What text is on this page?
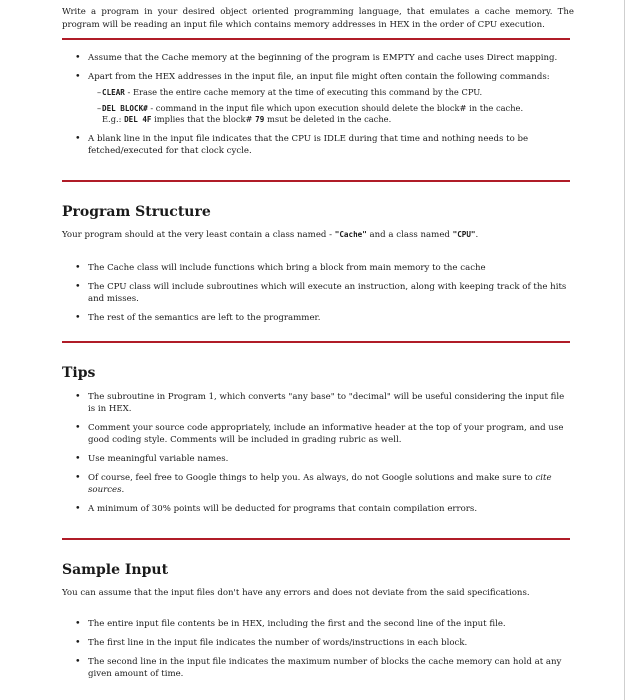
Write a program in your desired object oriented programming language, that emulates a cache memory. The program will be reading an input file which contains memory addresses in HEX in the order of CPU execution.

• Assume that the Cache memory at the beginning of the program is EMPTY and cache uses Direct mapping.
• Apart from the HEX addresses in the input file, an input file might often contain the following commands:
– CLEAR - Erase the entire cache memory at the time of executing this command by the CPU.
– DEL BLOCK# - command in the input file which upon execution should delete the block# in the cache.
E.g.: DEL 4F implies that the block# 79 msut be deleted in the cache.
• A blank line in the input file indicates that the CPU is IDLE during that time and nothing needs to be fetched/executed for that clock cycle.
Program Structure

Your program should at the very least contain a class named - "Cache" and a class named "CPU".

• The Cache class will include functions which bring a block from main memory to the cache
• The CPU class will include subroutines which will execute an instruction, along with keeping track of the hits and misses.
• The rest of the semantics are left to the programmer.
Tips
• The subroutine in Program 1, which converts "any base" to "decimal" will be useful considering the input file is in HEX.
• Comment your source code appropriately, include an informative header at the top of your program, and use good coding style. Comments will be included in grading rubric as well.
• Use meaningful variable names.
• Of course, feel free to Google things to help you. As always, do not Google solutions and make sure to cite sources.
• A minimum of 30% points will be deducted for programs that contain compilation errors.
Sample Input

You can assume that the input files don't have any errors and does not deviate from the said specifications.

• The entire input file contents be in HEX, including the first and the second line of the input file.
• The first line in the input file indicates the number of words/instructions in each block.
• The second line in the input file indicates the maximum number of blocks the cache memory can hold at any given amount of time.
